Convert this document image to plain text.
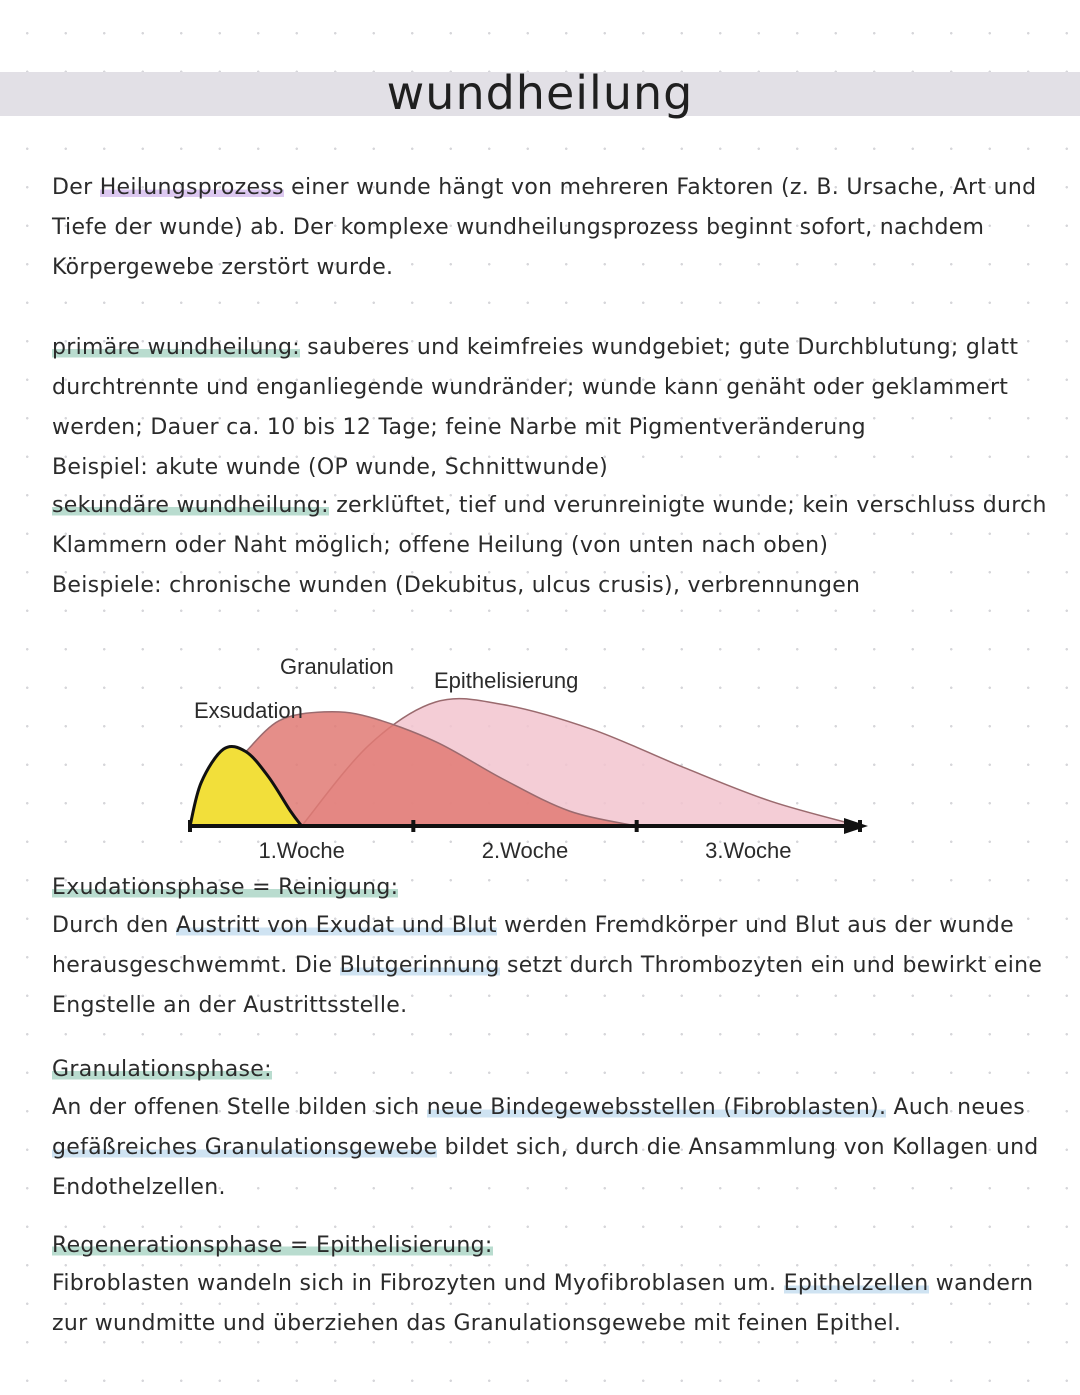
wundheilung

Der Heilungsprozess einer wunde hängt von mehreren Faktoren (z. B. Ursache, Art und Tiefe der wunde) ab. Der komplexe wundheilungsprozess beginnt sofort, nachdem Körpergewebe zerstört wurde.

primäre wundheilung: sauberes und keimfreies wundgebiet; gute Durchblutung; glatt durchtrennte und enganliegende wundränder; wunde kann genäht oder geklammert werden; Dauer ca. 10 bis 12 Tage; feine Narbe mit Pigmentveränderung

Beispiel: akute wunde (OP wunde, Schnittwunde)

sekundäre wundheilung: zerklüftet, tief und verunreinigte wunde; kein verschluss durch Klammern oder Naht möglich; offene Heilung (von unten nach oben)

Beispiele: chronische wunden (Dekubitus, ulcus crusis), verbrennungen

1.Woche	2.Woche	3.Woche
Exsudation
Granulation
Epithelisierung

Exudationsphase = Reinigung:

Durch den Austritt von Exudat und Blut werden Fremdkörper und Blut aus der wunde herausgeschwemmt. Die Blutgerinnung setzt durch Thrombozyten ein und bewirkt eine Engstelle an der Austrittsstelle.

Granulationsphase:

An der offenen Stelle bilden sich neue Bindegewebsstellen (Fibroblasten). Auch neues gefäßreiches Granulationsgewebe bildet sich, durch die Ansammlung von Kollagen und Endothelzellen.

Regenerationsphase = Epithelisierung:

Fibroblasten wandeln sich in Fibrozyten und Myofibroblasen um. Epithelzellen wandern zur wundmitte und überziehen das Granulationsgewebe mit feinen Epithel.
